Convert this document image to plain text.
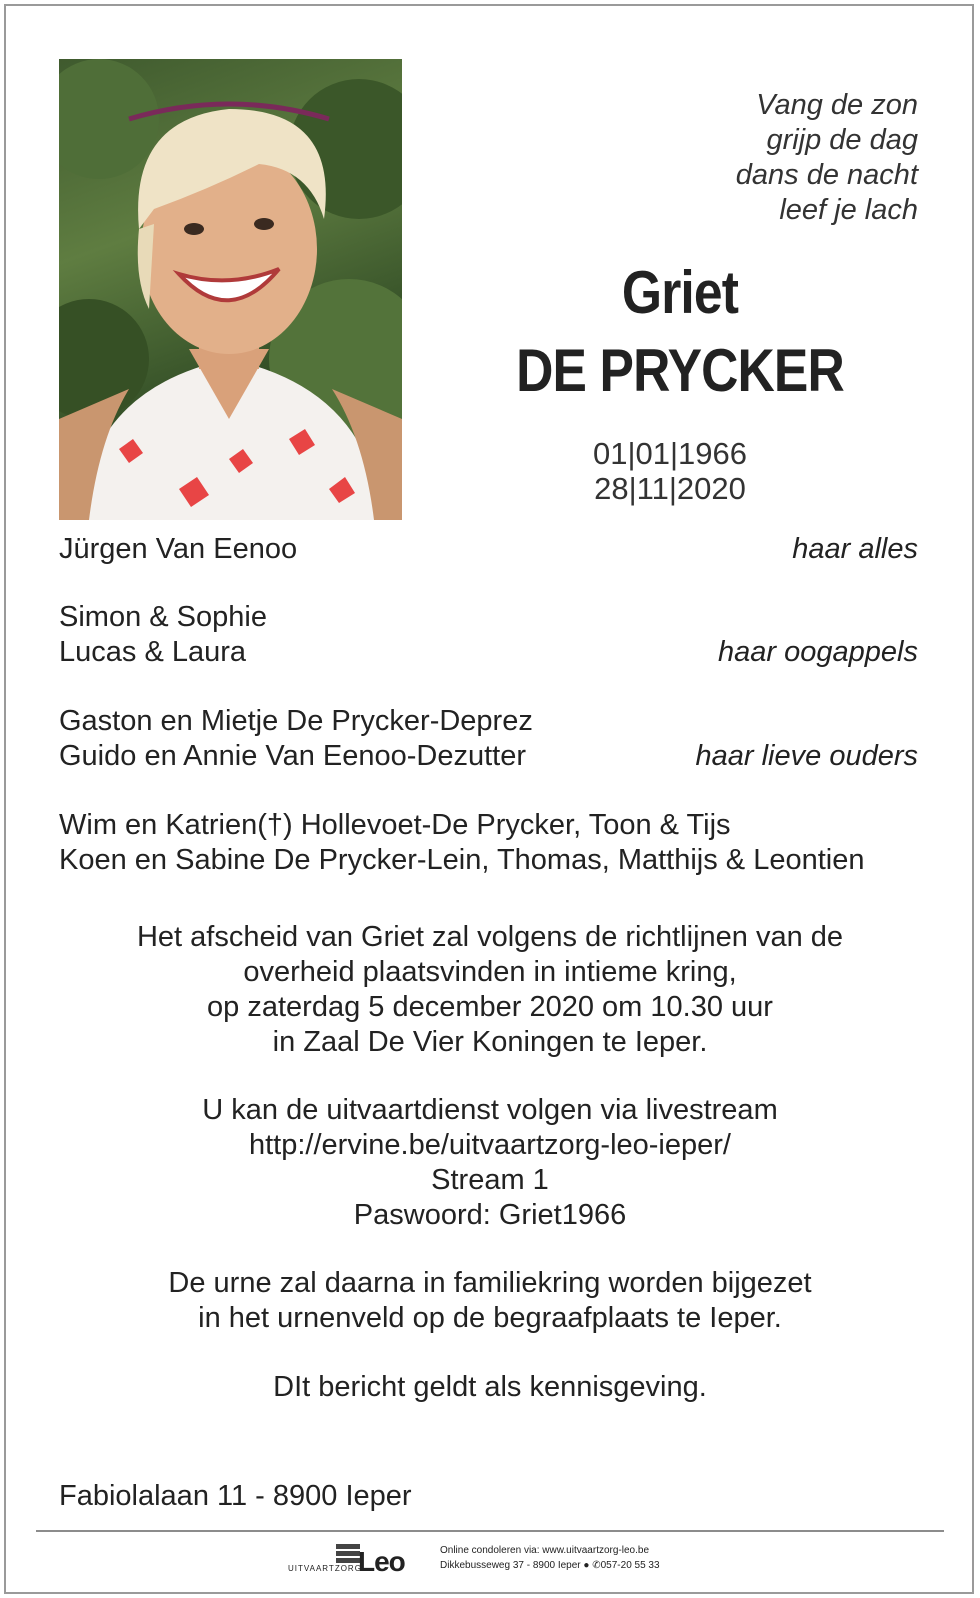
Vang de zon
grijp de dag
dans de nacht
leef je lach
Griet
DE PRYCKER
01|01|1966
28|11|2020
Jürgen Van Eenoo	haar alles
Simon & Sophie
Lucas & Laura	haar oogappels
Gaston en Mietje De Prycker-Deprez
Guido en Annie Van Eenoo-Dezutter	haar lieve ouders
Wim en Katrien(†) Hollevoet-De Prycker, Toon & Tijs
Koen en Sabine De Prycker-Lein, Thomas, Matthijs & Leontien
Het afscheid van Griet zal volgens de richtlijnen van de
overheid plaatsvinden in intieme kring,
op zaterdag 5 december 2020 om 10.30 uur
in Zaal De Vier Koningen te Ieper.
U kan de uitvaartdienst volgen via livestream
http://ervine.be/uitvaartzorg-leo-ieper/
Stream 1
Paswoord: Griet1966
De urne zal daarna in familiekring worden bijgezet
in het urnenveld op de begraafplaats te Ieper.
DIt bericht geldt als kennisgeving.
Fabiolalaan 11 - 8900 Ieper
UITVAARTZORG
Leo	Online condoleren via: www.uitvaartzorg-leo.be
Dikkebusseweg 37 - 8900 Ieper ● ✆057-20 55 33
